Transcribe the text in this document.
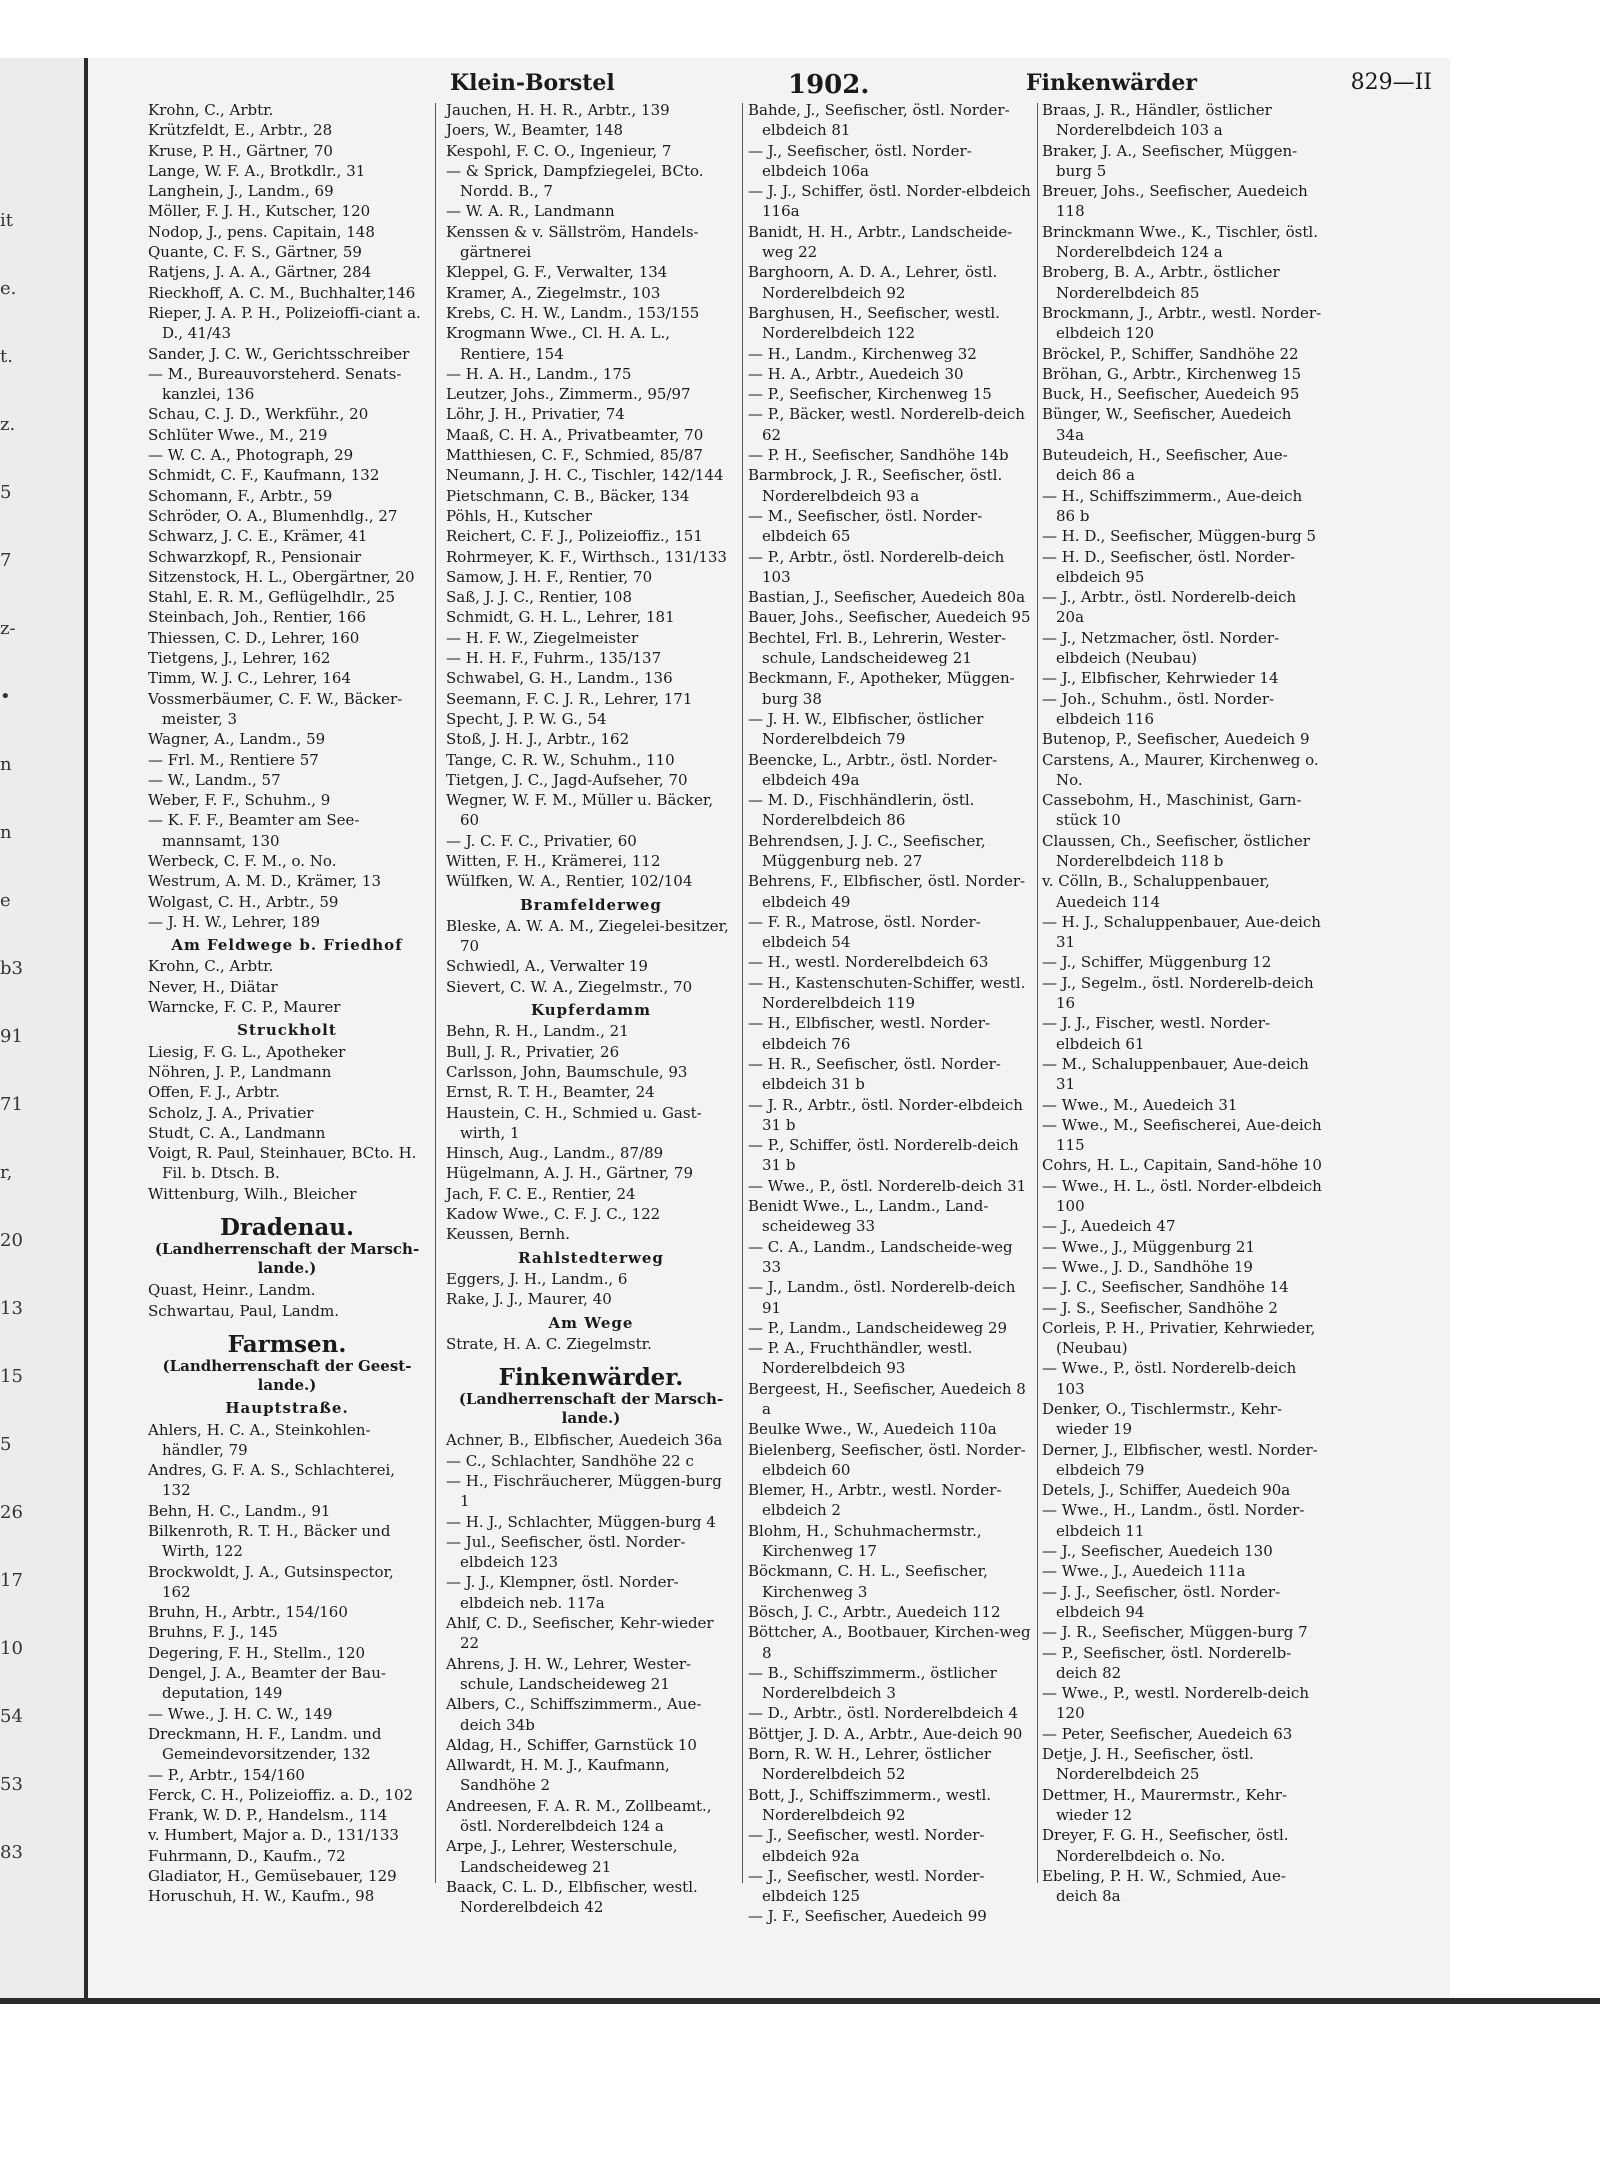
it
e.
t.
z.
5
7
z-
•
n
n
e
b3
91
71
r,
20
13
15
5
26
17
10
54
53
83
Klein-Borstel	1902.	Finkenwärder	829—II
Krohn, C., Arbtr.
Krützfeldt, E., Arbtr., 28
Kruse, P. H., Gärtner, 70
Lange, W. F. A., Brotkdlr., 31
Langhein, J., Landm., 69
Möller, F. J. H., Kutscher, 120
Nodop, J., pens. Capitain, 148
Quante, C. F. S., Gärtner, 59
Ratjens, J. A. A., Gärtner, 284
Rieckhoff, A. C. M., Buchhalter,146
Rieper, J. A. P. H., Polizeioffi-ciant a. D., 41/43
Sander, J. C. W., Gerichtsschreiber
— M., Bureauvorsteherd. Senats-kanzlei, 136
Schau, C. J. D., Werkführ., 20
Schlüter Wwe., M., 219
— W. C. A., Photograph, 29
Schmidt, C. F., Kaufmann, 132
Schomann, F., Arbtr., 59
Schröder, O. A., Blumenhdlg., 27
Schwarz, J. C. E., Krämer, 41
Schwarzkopf, R., Pensionair
Sitzenstock, H. L., Obergärtner, 20
Stahl, E. R. M., Geflügelhdlr., 25
Steinbach, Joh., Rentier, 166
Thiessen, C. D., Lehrer, 160
Tietgens, J., Lehrer, 162
Timm, W. J. C., Lehrer, 164
Vossmerbäumer, C. F. W., Bäcker-meister, 3
Wagner, A., Landm., 59
— Frl. M., Rentiere 57
— W., Landm., 57
Weber, F. F., Schuhm., 9
— K. F. F., Beamter am See-mannsamt, 130
Werbeck, C. F. M., o. No.
Westrum, A. M. D., Krämer, 13
Wolgast, C. H., Arbtr., 59
— J. H. W., Lehrer, 189
Am Feldwege b. Friedhof
Krohn, C., Arbtr.
Never, H., Diätar
Warncke, F. C. P., Maurer
Struckholt
Liesig, F. G. L., Apotheker
Nöhren, J. P., Landmann
Offen, F. J., Arbtr.
Scholz, J. A., Privatier
Studt, C. A., Landmann
Voigt, R. Paul, Steinhauer, BCto. H. Fil. b. Dtsch. B.
Wittenburg, Wilh., Bleicher
Dradenau.
(Landherrenschaft der Marsch-lande.)
Quast, Heinr., Landm.
Schwartau, Paul, Landm.
Farmsen.
(Landherrenschaft der Geest-lande.)
Hauptstraße.
Ahlers, H. C. A., Steinkohlen-händler, 79
Andres, G. F. A. S., Schlachterei, 132
Behn, H. C., Landm., 91
Bilkenroth, R. T. H., Bäcker und Wirth, 122
Brockwoldt, J. A., Gutsinspector, 162
Bruhn, H., Arbtr., 154/160
Bruhns, F. J., 145
Degering, F. H., Stellm., 120
Dengel, J. A., Beamter der Bau-deputation, 149
— Wwe., J. H. C. W., 149
Dreckmann, H. F., Landm. und Gemeindevorsitzender, 132
— P., Arbtr., 154/160
Ferck, C. H., Polizeioffiz. a. D., 102
Frank, W. D. P., Handelsm., 114
v. Humbert, Major a. D., 131/133
Fuhrmann, D., Kaufm., 72
Gladiator, H., Gemüsebauer, 129
Horuschuh, H. W., Kaufm., 98
Jauchen, H. H. R., Arbtr., 139
Joers, W., Beamter, 148
Kespohl, F. C. O., Ingenieur, 7
— & Sprick, Dampfziegelei, BCto. Nordd. B., 7
— W. A. R., Landmann
Kenssen & v. Sällström, Handels-gärtnerei
Kleppel, G. F., Verwalter, 134
Kramer, A., Ziegelmstr., 103
Krebs, C. H. W., Landm., 153/155
Krogmann Wwe., Cl. H. A. L., Rentiere, 154
— H. A. H., Landm., 175
Leutzer, Johs., Zimmerm., 95/97
Löhr, J. H., Privatier, 74
Maaß, C. H. A., Privatbeamter, 70
Matthiesen, C. F., Schmied, 85/87
Neumann, J. H. C., Tischler, 142/144
Pietschmann, C. B., Bäcker, 134
Pöhls, H., Kutscher
Reichert, C. F. J., Polizeioffiz., 151
Rohrmeyer, K. F., Wirthsch., 131/133
Samow, J. H. F., Rentier, 70
Saß, J. J. C., Rentier, 108
Schmidt, G. H. L., Lehrer, 181
— H. F. W., Ziegelmeister
— H. H. F., Fuhrm., 135/137
Schwabel, G. H., Landm., 136
Seemann, F. C. J. R., Lehrer, 171
Specht, J. P. W. G., 54
Stoß, J. H. J., Arbtr., 162
Tange, C. R. W., Schuhm., 110
Tietgen, J. C., Jagd-Aufseher, 70
Wegner, W. F. M., Müller u. Bäcker, 60
— J. C. F. C., Privatier, 60
Witten, F. H., Krämerei, 112
Wülfken, W. A., Rentier, 102/104
Bramfelderweg
Bleske, A. W. A. M., Ziegelei-besitzer, 70
Schwiedl, A., Verwalter 19
Sievert, C. W. A., Ziegelmstr., 70
Kupferdamm
Behn, R. H., Landm., 21
Bull, J. R., Privatier, 26
Carlsson, John, Baumschule, 93
Ernst, R. T. H., Beamter, 24
Haustein, C. H., Schmied u. Gast-wirth, 1
Hinsch, Aug., Landm., 87/89
Hügelmann, A. J. H., Gärtner, 79
Jach, F. C. E., Rentier, 24
Kadow Wwe., C. F. J. C., 122
Keussen, Bernh.
Rahlstedterweg
Eggers, J. H., Landm., 6
Rake, J. J., Maurer, 40
Am Wege
Strate, H. A. C. Ziegelmstr.
Finkenwärder.
(Landherrenschaft der Marsch-lande.)
Achner, B., Elbfischer, Auedeich 36a
— C., Schlachter, Sandhöhe 22 c
— H., Fischräucherer, Müggen-burg 1
— H. J., Schlachter, Müggen-burg 4
— Jul., Seefischer, östl. Norder-elbdeich 123
— J. J., Klempner, östl. Norder-elbdeich neb. 117a
Ahlf, C. D., Seefischer, Kehr-wieder 22
Ahrens, J. H. W., Lehrer, Wester-schule, Landscheideweg 21
Albers, C., Schiffszimmerm., Aue-deich 34b
Aldag, H., Schiffer, Garnstück 10
Allwardt, H. M. J., Kaufmann, Sandhöhe 2
Andreesen, F. A. R. M., Zollbeamt., östl. Norderelbdeich 124 a
Arpe, J., Lehrer, Westerschule, Landscheideweg 21
Baack, C. L. D., Elbfischer, westl. Norderelbdeich 42
Bahde, J., Seefischer, östl. Norder-elbdeich 81
— J., Seefischer, östl. Norder-elbdeich 106a
— J. J., Schiffer, östl. Norder-elbdeich 116a
Banidt, H. H., Arbtr., Landscheide-weg 22
Barghoorn, A. D. A., Lehrer, östl. Norderelbdeich 92
Barghusen, H., Seefischer, westl. Norderelbdeich 122
— H., Landm., Kirchenweg 32
— H. A., Arbtr., Auedeich 30
— P., Seefischer, Kirchenweg 15
— P., Bäcker, westl. Norderelb-deich 62
— P. H., Seefischer, Sandhöhe 14b
Barmbrock, J. R., Seefischer, östl. Norderelbdeich 93 a
— M., Seefischer, östl. Norder-elbdeich 65
— P., Arbtr., östl. Norderelb-deich 103
Bastian, J., Seefischer, Auedeich 80a
Bauer, Johs., Seefischer, Auedeich 95
Bechtel, Frl. B., Lehrerin, Wester-schule, Landscheideweg 21
Beckmann, F., Apotheker, Müggen-burg 38
— J. H. W., Elbfischer, östlicher Norderelbdeich 79
Beencke, L., Arbtr., östl. Norder-elbdeich 49a
— M. D., Fischhändlerin, östl. Norderelbdeich 86
Behrendsen, J. J. C., Seefischer, Müggenburg neb. 27
Behrens, F., Elbfischer, östl. Norder-elbdeich 49
— F. R., Matrose, östl. Norder-elbdeich 54
— H., westl. Norderelbdeich 63
— H., Kastenschuten-Schiffer, westl. Norderelbdeich 119
— H., Elbfischer, westl. Norder-elbdeich 76
— H. R., Seefischer, östl. Norder-elbdeich 31 b
— J. R., Arbtr., östl. Norder-elbdeich 31 b
— P., Schiffer, östl. Norderelb-deich 31 b
— Wwe., P., östl. Norderelb-deich 31
Benidt Wwe., L., Landm., Land-scheideweg 33
— C. A., Landm., Landscheide-weg 33
— J., Landm., östl. Norderelb-deich 91
— P., Landm., Landscheideweg 29
— P. A., Fruchthändler, westl. Norderelbdeich 93
Bergeest, H., Seefischer, Auedeich 8 a
Beulke Wwe., W., Auedeich 110a
Bielenberg, Seefischer, östl. Norder-elbdeich 60
Blemer, H., Arbtr., westl. Norder-elbdeich 2
Blohm, H., Schuhmachermstr., Kirchenweg 17
Böckmann, C. H. L., Seefischer, Kirchenweg 3
Bösch, J. C., Arbtr., Auedeich 112
Böttcher, A., Bootbauer, Kirchen-weg 8
— B., Schiffszimmerm., östlicher Norderelbdeich 3
— D., Arbtr., östl. Norderelbdeich 4
Böttjer, J. D. A., Arbtr., Aue-deich 90
Born, R. W. H., Lehrer, östlicher Norderelbdeich 52
Bott, J., Schiffszimmerm., westl. Norderelbdeich 92
— J., Seefischer, westl. Norder-elbdeich 92a
— J., Seefischer, westl. Norder-elbdeich 125
— J. F., Seefischer, Auedeich 99
Braas, J. R., Händler, östlicher Norderelbdeich 103 a
Braker, J. A., Seefischer, Müggen-burg 5
Breuer, Johs., Seefischer, Auedeich 118
Brinckmann Wwe., K., Tischler, östl. Norderelbdeich 124 a
Broberg, B. A., Arbtr., östlicher Norderelbdeich 85
Brockmann, J., Arbtr., westl. Norder-elbdeich 120
Bröckel, P., Schiffer, Sandhöhe 22
Bröhan, G., Arbtr., Kirchenweg 15
Buck, H., Seefischer, Auedeich 95
Bünger, W., Seefischer, Auedeich 34a
Buteudeich, H., Seefischer, Aue-deich 86 a
— H., Schiffszimmerm., Aue-deich 86 b
— H. D., Seefischer, Müggen-burg 5
— H. D., Seefischer, östl. Norder-elbdeich 95
— J., Arbtr., östl. Norderelb-deich 20a
— J., Netzmacher, östl. Norder-elbdeich (Neubau)
— J., Elbfischer, Kehrwieder 14
— Joh., Schuhm., östl. Norder-elbdeich 116
Butenop, P., Seefischer, Auedeich 9
Carstens, A., Maurer, Kirchenweg o. No.
Cassebohm, H., Maschinist, Garn-stück 10
Claussen, Ch., Seefischer, östlicher Norderelbdeich 118 b
v. Cölln, B., Schaluppenbauer, Auedeich 114
— H. J., Schaluppenbauer, Aue-deich 31
— J., Schiffer, Müggenburg 12
— J., Segelm., östl. Norderelb-deich 16
— J. J., Fischer, westl. Norder-elbdeich 61
— M., Schaluppenbauer, Aue-deich 31
— Wwe., M., Auedeich 31
— Wwe., M., Seefischerei, Aue-deich 115
Cohrs, H. L., Capitain, Sand-höhe 10
— Wwe., H. L., östl. Norder-elbdeich 100
— J., Auedeich 47
— Wwe., J., Müggenburg 21
— Wwe., J. D., Sandhöhe 19
— J. C., Seefischer, Sandhöhe 14
— J. S., Seefischer, Sandhöhe 2
Corleis, P. H., Privatier, Kehrwieder, (Neubau)
— Wwe., P., östl. Norderelb-deich 103
Denker, O., Tischlermstr., Kehr-wieder 19
Derner, J., Elbfischer, westl. Norder-elbdeich 79
Detels, J., Schiffer, Auedeich 90a
— Wwe., H., Landm., östl. Norder-elbdeich 11
— J., Seefischer, Auedeich 130
— Wwe., J., Auedeich 111a
— J. J., Seefischer, östl. Norder-elbdeich 94
— J. R., Seefischer, Müggen-burg 7
— P., Seefischer, östl. Norderelb-deich 82
— Wwe., P., westl. Norderelb-deich 120
— Peter, Seefischer, Auedeich 63
Detje, J. H., Seefischer, östl. Norderelbdeich 25
Dettmer, H., Maurermstr., Kehr-wieder 12
Dreyer, F. G. H., Seefischer, östl. Norderelbdeich o. No.
Ebeling, P. H. W., Schmied, Aue-deich 8a
